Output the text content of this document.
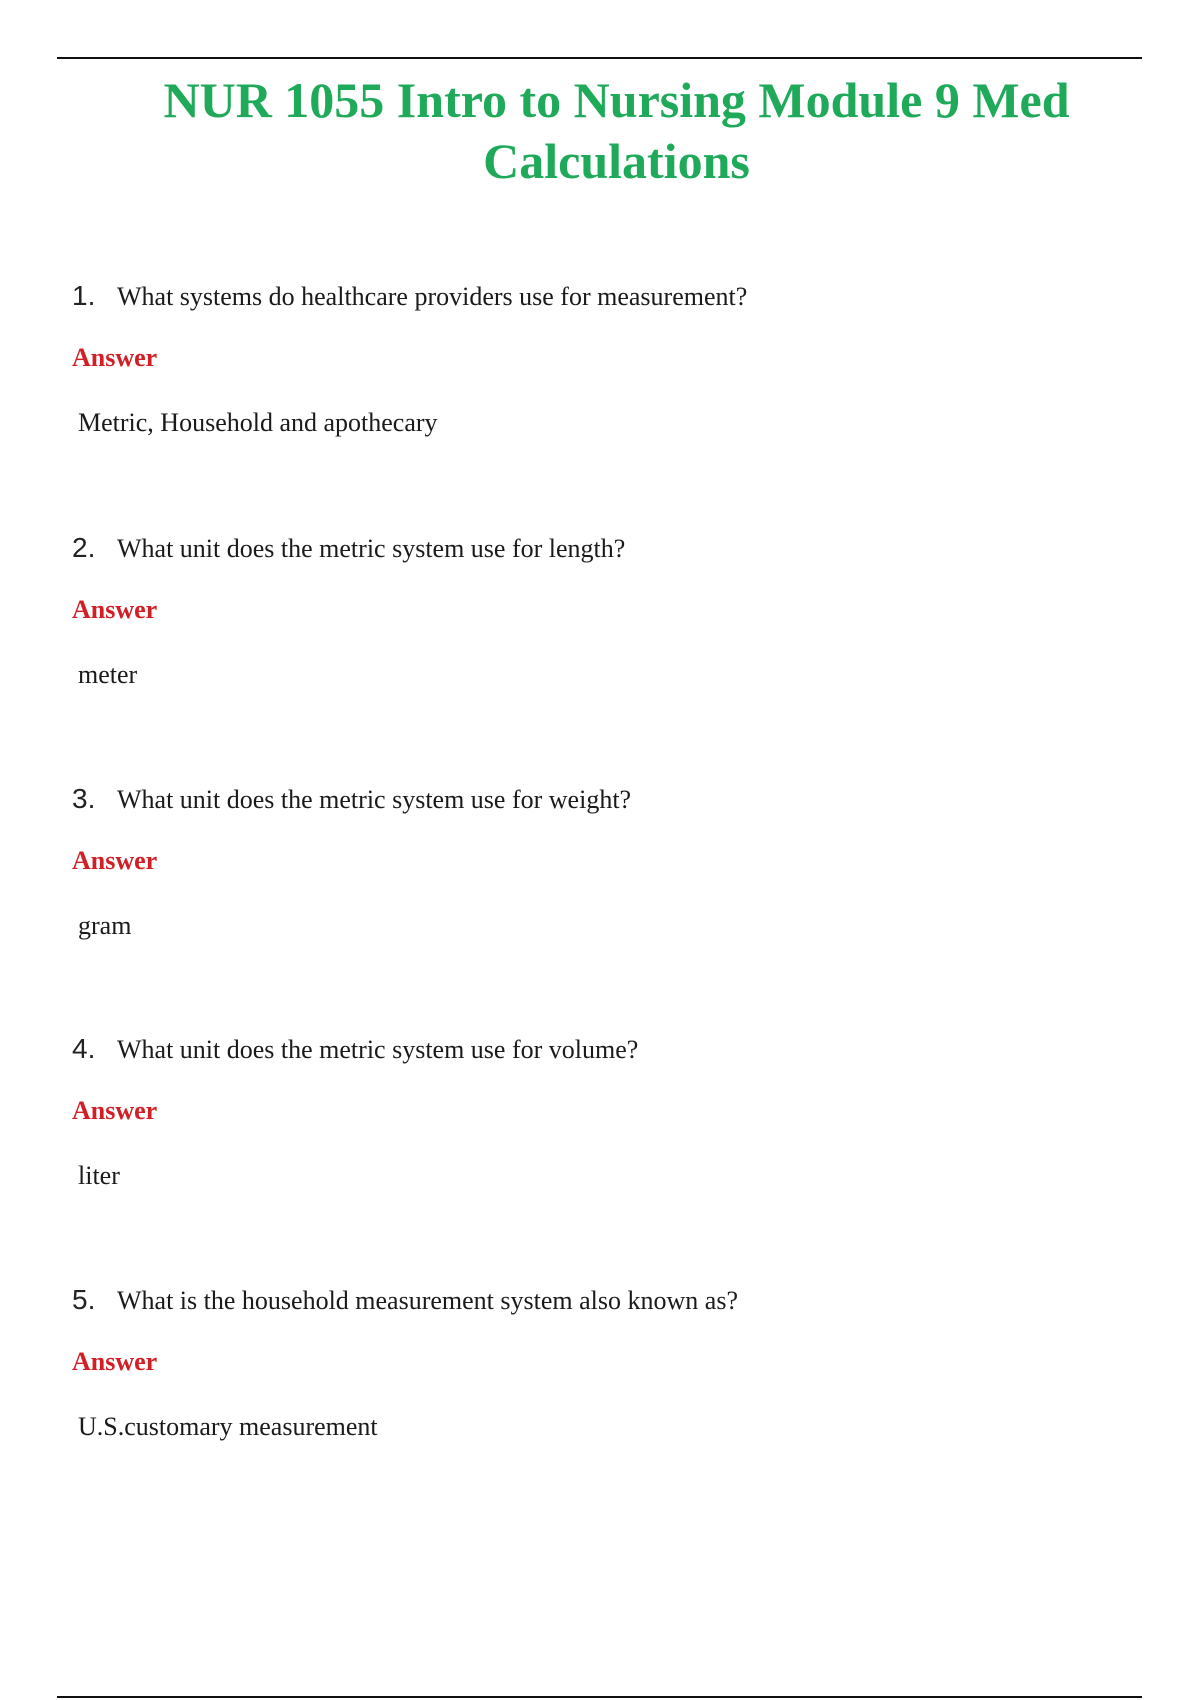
NUR 1055 Intro to Nursing Module 9 Med Calculations
1. What systems do healthcare providers use for measurement?
Answer
Metric, Household and apothecary
2. What unit does the metric system use for length?
Answer
meter
3. What unit does the metric system use for weight?
Answer
gram
4. What unit does the metric system use for volume?
Answer
liter
5. What is the household measurement system also known as?
Answer
U.S.customary measurement
